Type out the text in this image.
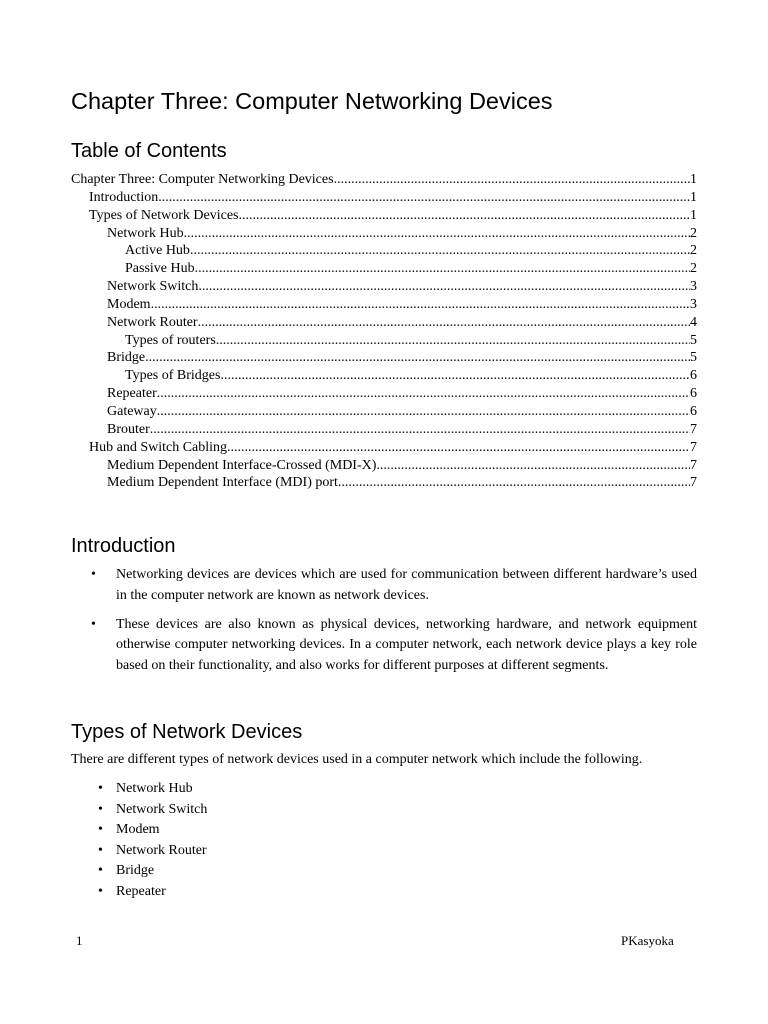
Chapter Three: Computer Networking Devices
Table of Contents
Chapter Three: Computer Networking Devices .....	1
Introduction .....	1
Types of Network Devices .....	1
Network Hub .....	2
Active Hub .....	2
Passive Hub .....	2
Network Switch .....	3
Modem .....	3
Network Router .....	4
Types of routers .....	5
Bridge .....	5
Types of Bridges .....	6
Repeater .....	6
Gateway .....	6
Brouter .....	7
Hub and Switch Cabling .....	7
Medium Dependent Interface-Crossed (MDI-X) .....	7
Medium Dependent Interface (MDI) port .....	7
Introduction
• Networking devices are devices which are used for communication between different hardware’s used in the computer network are known as network devices.
• These devices are also known as physical devices, networking hardware, and network equipment otherwise computer networking devices. In a computer network, each network device plays a key role based on their functionality, and also works for different purposes at different segments.
Types of Network Devices

There are different types of network devices used in a computer network which include the following.

• Network Hub
• Network Switch
• Modem
• Network Router
• Bridge
• Repeater
1	PKasyoka
